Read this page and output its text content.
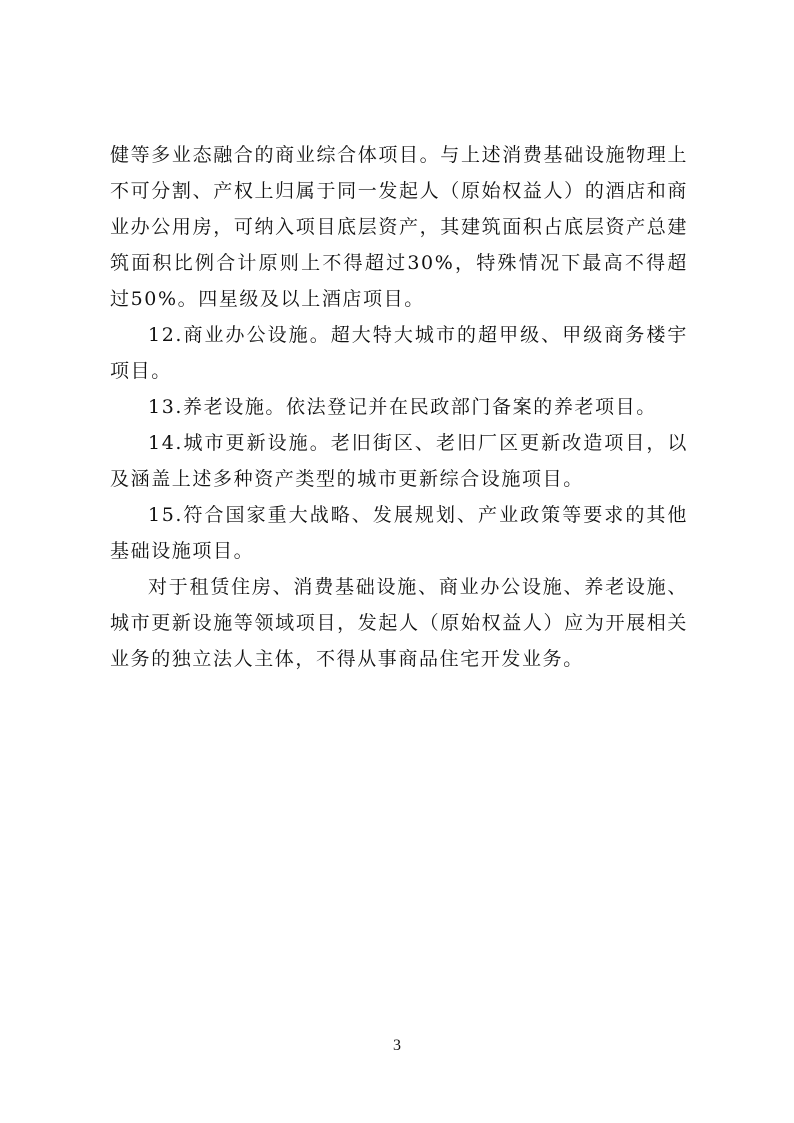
健等多业态融合的商业综合体项目。与上述消费基础设施物理上不可分割、产权上归属于同一发起人（原始权益人）的酒店和商业办公用房，可纳入项目底层资产，其建筑面积占底层资产总建筑面积比例合计原则上不得超过30%，特殊情况下最高不得超过50%。四星级及以上酒店项目。

12.商业办公设施。超大特大城市的超甲级、甲级商务楼宇项目。

13.养老设施。依法登记并在民政部门备案的养老项目。

14.城市更新设施。老旧街区、老旧厂区更新改造项目，以及涵盖上述多种资产类型的城市更新综合设施项目。

15.符合国家重大战略、发展规划、产业政策等要求的其他基础设施项目。

对于租赁住房、消费基础设施、商业办公设施、养老设施、城市更新设施等领域项目，发起人（原始权益人）应为开展相关业务的独立法人主体，不得从事商品住宅开发业务。

3
